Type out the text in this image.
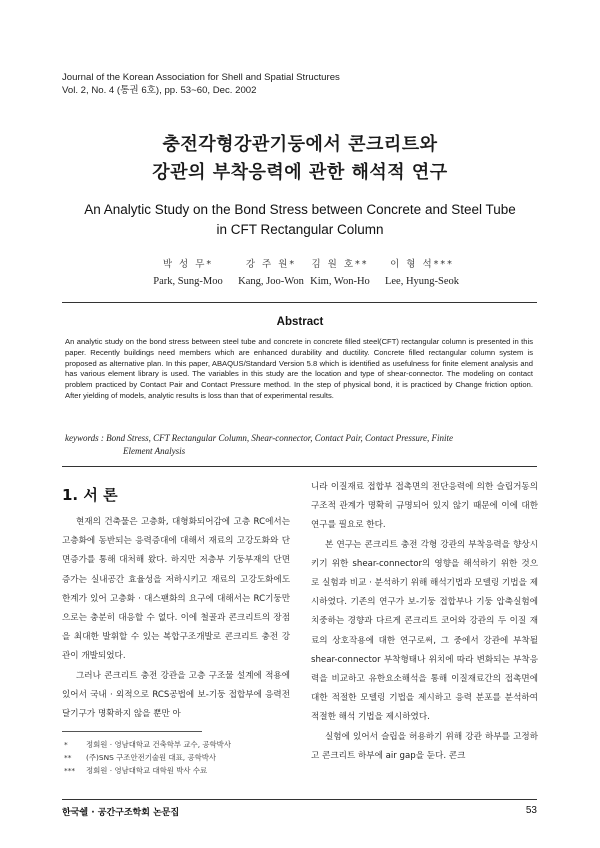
Journal of the Korean Association for Shell and Spatial Structures
Vol. 2, No. 4 (통권 6호), pp. 53~60, Dec. 2002
충전각형강관기둥에서 콘크리트와
강관의 부착응력에 관한 해석적 연구
An Analytic Study on the Bond Stress between Concrete and Steel Tube
in CFT Rectangular Column
박 성 무*
Park, Sung-Moo
강 주 원*
Kang, Joo-Won
김 원 호**
Kim, Won-Ho
이 형 석***
Lee, Hyung-Seok
Abstract
An analytic study on the bond stress between steel tube and concrete in concrete filled steel(CFT) rectangular column is presented in this paper. Recently buildings need members which are enhanced durability and ductility. Concrete filled rectangular column system is proposed as alternative plan. In this paper, ABAQUS/Standard Version 5.8 which is identified as usefulness for finite element analysis and has various element library is used. The variables in this study are the location and type of shear-connector. The modeling on contact problem practiced by Contact Pair and Contact Pressure method. In the step of physical bond, it is practiced by Change friction option. After yielding of models, analytic results is loss than that of experimental results.
keywords : Bond Stress, CFT Rectangular Column, Shear-connector, Contact Pair, Contact Pressure, Finite
Element Analysis
1. 서 론

현재의 건축물은 고층화, 대형화되어감에 고층 RC에서는 고층화에 동반되는 응력증대에 대해서 재료의 고강도화와 단면증가를 통해 대처해 왔다. 하지만 저층부 기둥부재의 단면 증가는 실내공간 효율성을 저하시키고 재료의 고강도화에도 한계가 있어 고층화 · 대스팬화의 요구에 대해서는 RC기둥만으로는 충분히 대응할 수 없다. 이에 철골과 콘크리트의 장점을 최대한 발휘할 수 있는 복합구조개발로 콘크리트 충전 강관이 개발되었다.

그러나 콘크리트 충전 강관을 고층 구조물 설계에 적용에 있어서 국내 · 외적으로 RCS공법에 보-기둥 접합부에 응력전달기구가 명확하지 않을 뿐만 아

* 정회원 · 영남대학교 건축학부 교수, 공학박사
** (주)SNS 구조안전기술원 대표, 공학박사
*** 정회원 · 영남대학교 대학원 박사 수료

니라 이질재료 접합부 접촉면의 전단응력에 의한 슬립거동의 구조적 관계가 명확히 규명되어 있지 않기 때문에 이에 대한 연구를 필요로 한다.

본 연구는 콘크리트 충전 각형 강관의 부착응력을 향상시키기 위한 shear-connector의 영향을 해석하기 위한 것으로 실험과 비교 · 분석하기 위해 해석기법과 모델링 기법을 제시하였다. 기존의 연구가 보-기둥 접합부나 기둥 압축실험에 치중하는 경향과 다르게 콘크리트 코어와 강관의 두 이질 재료의 상호작용에 대한 연구로써, 그 중에서 강관에 부착될 shear-connector 부착형태나 위치에 따라 변화되는 부착응력을 비교하고 유한요소해석을 통해 이질재료간의 접촉면에 대한 적절한 모델링 기법을 제시하고 응력 분포를 분석하여 적절한 해석 기법을 제시하였다.

실험에 있어서 슬립을 허용하기 위해 강관 하부를 고정하고 콘크리트 하부에 air gap을 둔다. 콘크

한국쉘 · 공간구조학회 논문집	53
